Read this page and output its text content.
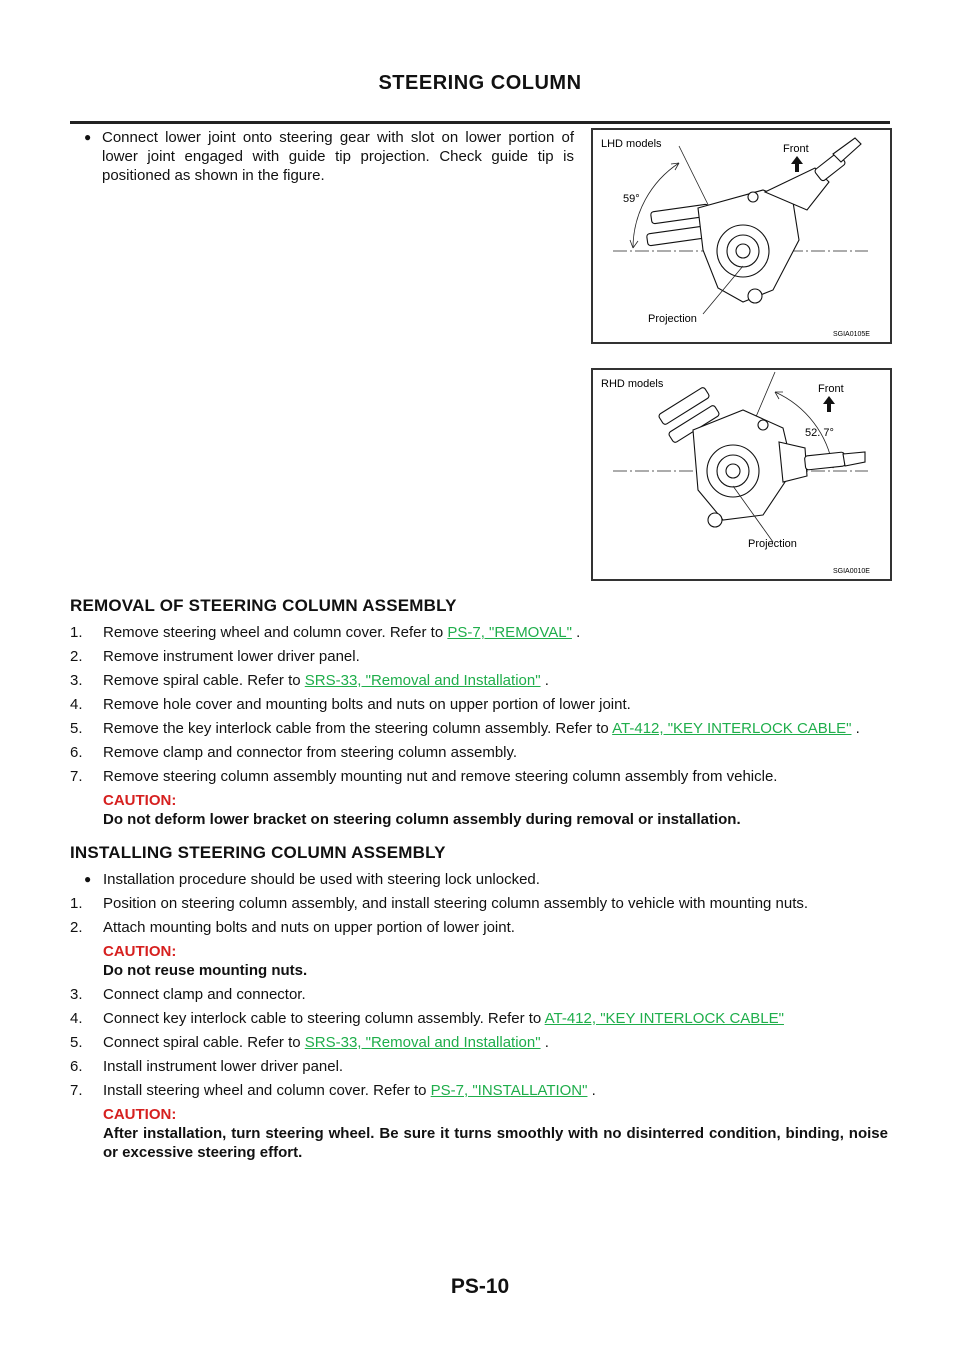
STEERING COLUMN
● Connect lower joint onto steering gear with slot on lower portion of lower joint engaged with guide tip projection. Check guide tip is positioned as shown in the figure.
LHD models	Front
59°
Projection
SGIA0105E
RHD models	Front
52. 7°
Projection
SGIA0010E
REMOVAL OF STEERING COLUMN ASSEMBLY
1.	Remove steering wheel and column cover. Refer to PS-7, "REMOVAL" .
2.	Remove instrument lower driver panel.
3.	Remove spiral cable. Refer to SRS-33, "Removal and Installation" .
4.	Remove hole cover and mounting bolts and nuts on upper portion of lower joint.
5.	Remove the key interlock cable from the steering column assembly. Refer to AT-412, "KEY INTERLOCK CABLE" .
6.	Remove clamp and connector from steering column assembly.
7.	Remove steering column assembly mounting nut and remove steering column assembly from vehicle.
CAUTION:
Do not deform lower bracket on steering column assembly during removal or installation.
INSTALLING STEERING COLUMN ASSEMBLY
● Installation procedure should be used with steering lock unlocked.
1.	Position on steering column assembly, and install steering column assembly to vehicle with mounting nuts.
2.	Attach mounting bolts and nuts on upper portion of lower joint.
CAUTION:
Do not reuse mounting nuts.
3.	Connect clamp and connector.
4.	Connect key interlock cable to steering column assembly. Refer to AT-412, "KEY INTERLOCK CABLE"
5.	Connect spiral cable. Refer to SRS-33, "Removal and Installation" .
6.	Install instrument lower driver panel.
7.	Install steering wheel and column cover. Refer to PS-7, "INSTALLATION" .
CAUTION:
After installation, turn steering wheel. Be sure it turns smoothly with no disinterred condition, binding, noise or excessive steering effort.
PS-10
